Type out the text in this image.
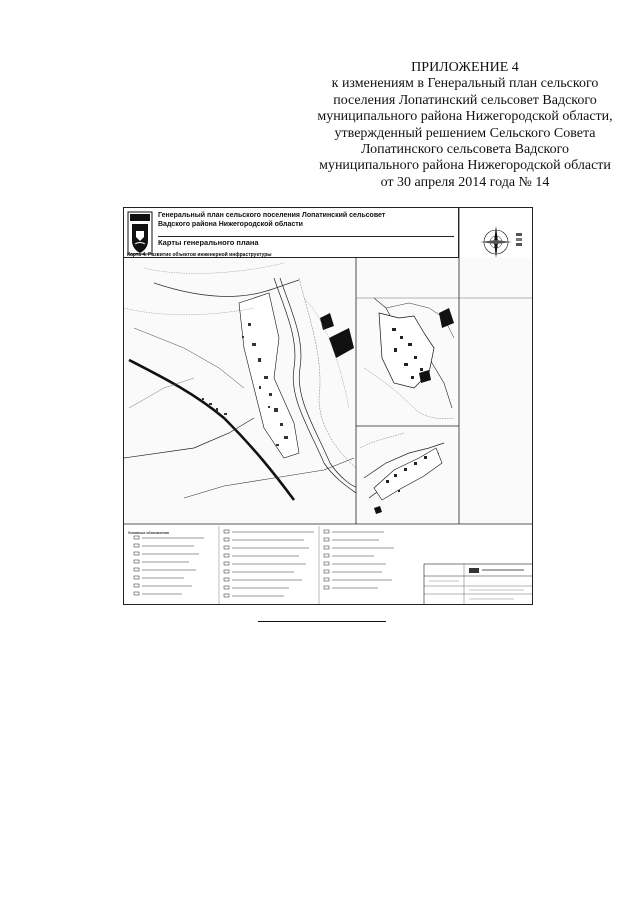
ПРИЛОЖЕНИЕ 4
к изменениям в Генеральный план сельского
поселения Лопатинский сельсовет Вадского
муниципального района Нижегородской области,
утвержденный решением Сельского Совета
Лопатинского сельсовета Вадского
муниципального района Нижегородской области
от 30 апреля 2014 года № 14
Генеральный план сельского поселения Лопатинский сельсовет
Вадского района Нижегородской области
Карты генерального плана
Карта 4. Развитие объектов инженерной инфраструктуры
Условные обозначения
